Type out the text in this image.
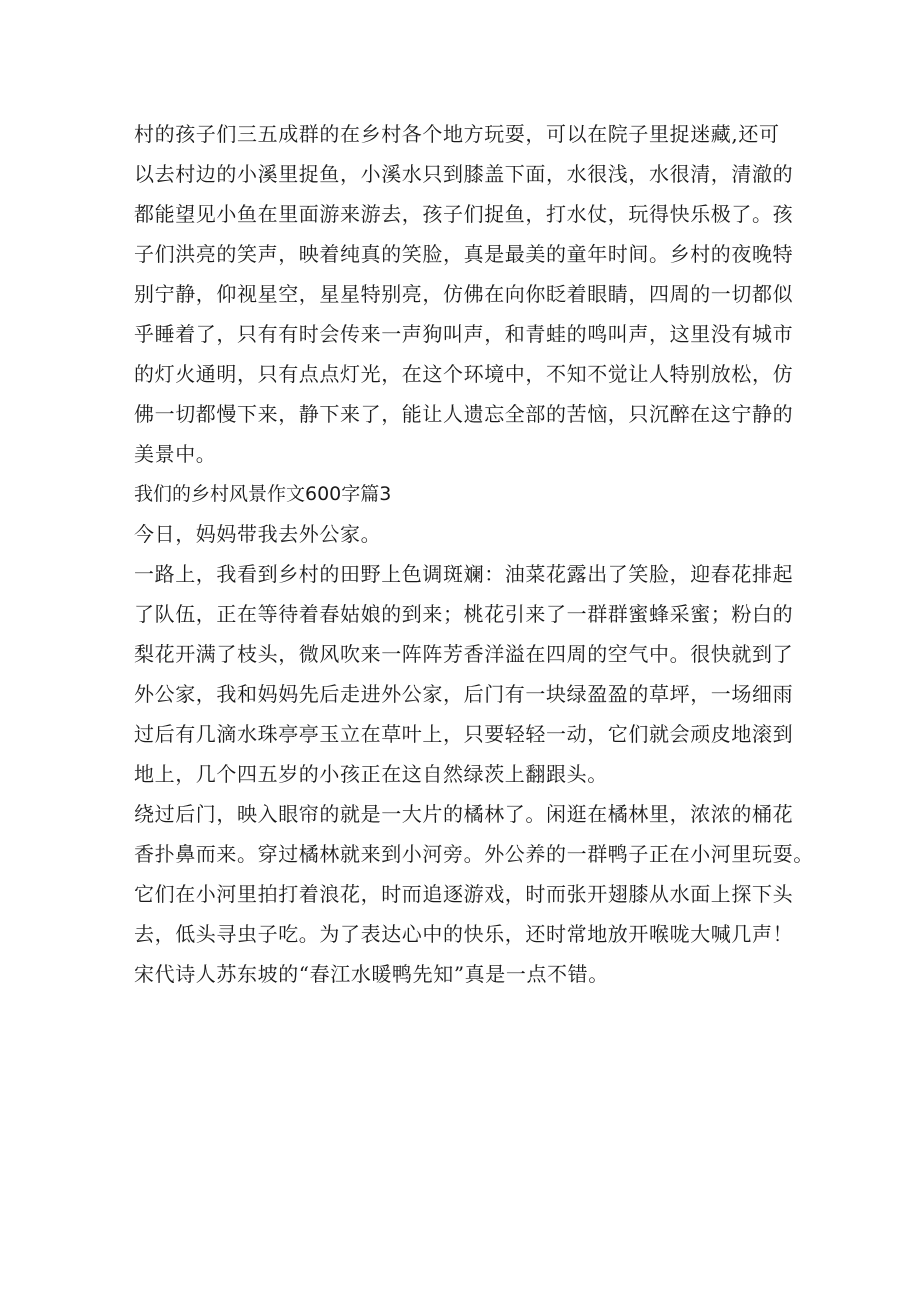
村的孩子们三五成群的在乡村各个地方玩耍，可以在院子里捉迷藏,还可
以去村边的小溪里捉鱼，小溪水只到膝盖下面，水很浅，水很清，清澈的
都能望见小鱼在里面游来游去，孩子们捉鱼，打水仗，玩得快乐极了。孩
子们洪亮的笑声，映着纯真的笑脸，真是最美的童年时间。乡村的夜晚特
别宁静，仰视星空，星星特别亮，仿佛在向你眨着眼睛，四周的一切都似
乎睡着了，只有有时会传来一声狗叫声，和青蛙的鸣叫声，这里没有城市
的灯火通明，只有点点灯光，在这个环境中，不知不觉让人特别放松，仿
佛一切都慢下来，静下来了，能让人遗忘全部的苦恼，只沉醉在这宁静的
美景中。
我们的乡村风景作文600字篇3
今日，妈妈带我去外公家。
一路上，我看到乡村的田野上色调斑斓：油菜花露出了笑脸，迎春花排起
了队伍，正在等待着春姑娘的到来；桃花引来了一群群蜜蜂采蜜；粉白的
梨花开满了枝头，微风吹来一阵阵芳香洋溢在四周的空气中。很快就到了
外公家，我和妈妈先后走进外公家，后门有一块绿盈盈的草坪，一场细雨
过后有几滴水珠亭亭玉立在草叶上，只要轻轻一动，它们就会顽皮地滚到
地上，几个四五岁的小孩正在这自然绿茨上翻跟头。
绕过后门，映入眼帘的就是一大片的橘林了。闲逛在橘林里，浓浓的桶花
香扑鼻而来。穿过橘林就来到小河旁。外公养的一群鸭子正在小河里玩耍。
它们在小河里拍打着浪花，时而追逐游戏，时而张开翅膝从水面上探下头
去，低头寻虫子吃。为了表达心中的快乐，还时常地放开喉咙大喊几声！
宋代诗人苏东坡的“春江水暖鸭先知”真是一点不错。
